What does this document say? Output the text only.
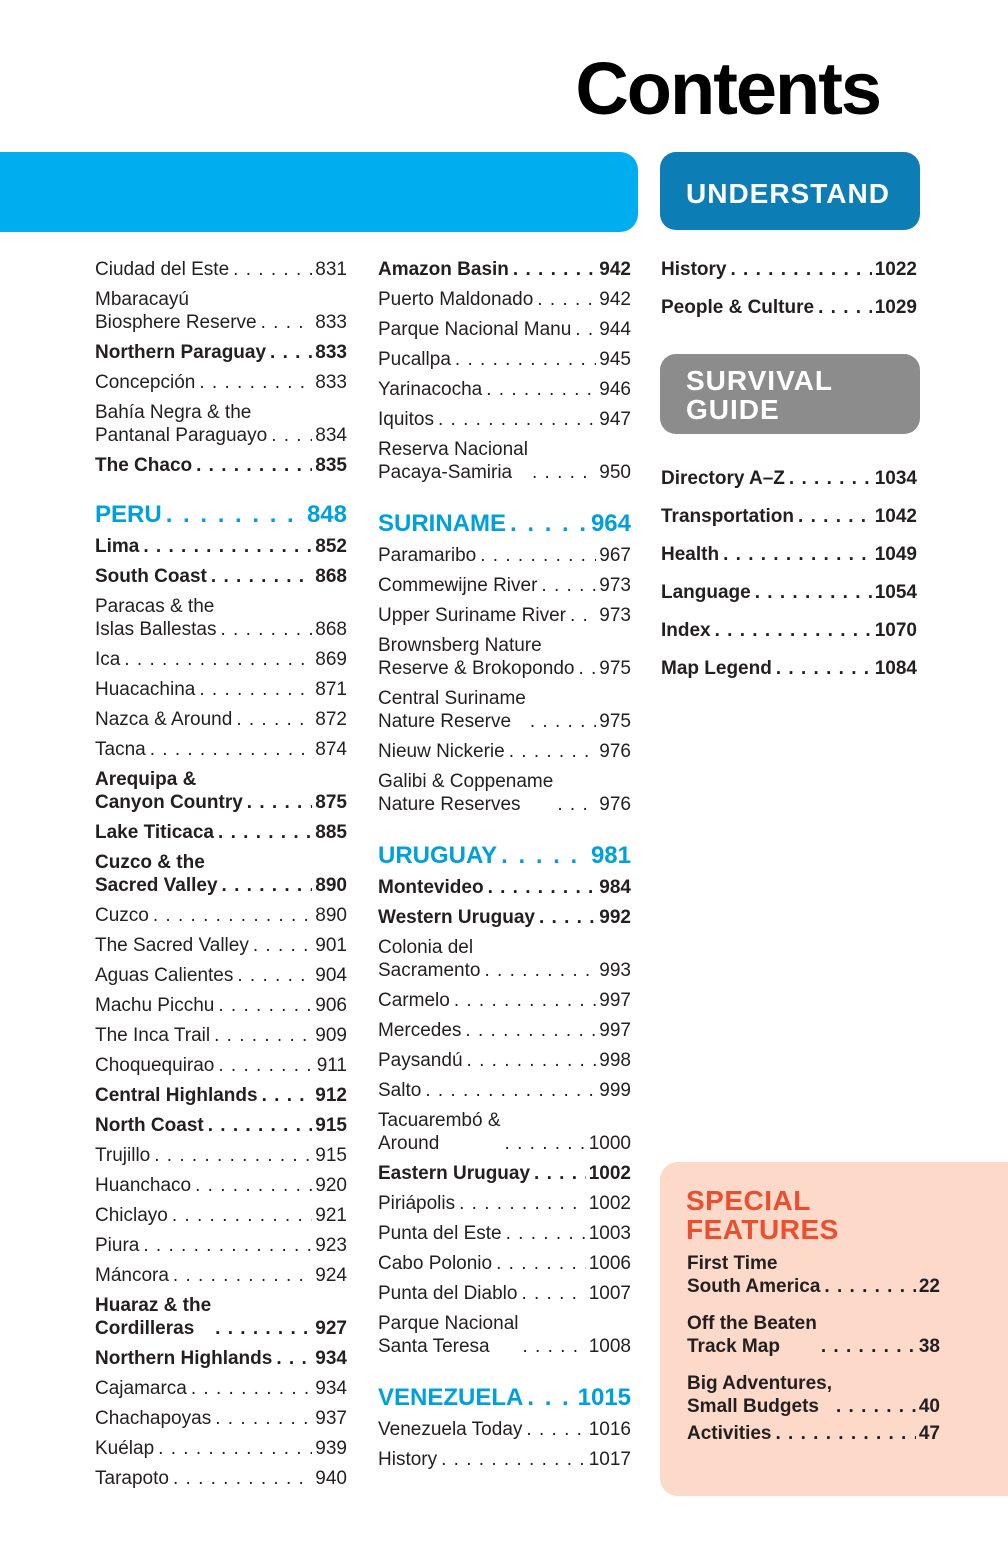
Contents
Ciudad del Este . . .	831
Mbaracayú
Biosphere Reserve . . .	833
Northern Paraguay . . .	833
Concepción . . .	833
Bahía Negra & the
Pantanal Paraguayo . . .	834
The Chaco . . .	835
PERU . . .	848
Lima . . .	852
South Coast . . .	868
Paracas & the
Islas Ballestas . . .	868
Ica . . .	869
Huacachina . . .	871
Nazca & Around . . .	872
Tacna . . .	874
Arequipa &
Canyon Country . . .	875
Lake Titicaca . . .	885
Cuzco & the
Sacred Valley . . .	890
Cuzco . . .	890
The Sacred Valley . . .	901
Aguas Calientes . . .	904
Machu Picchu . . .	906
The Inca Trail . . .	909
Choquequirao . . .	911
Central Highlands . . .	912
North Coast . . .	915
Trujillo . . .	915
Huanchaco . . .	920
Chiclayo . . .	921
Piura . . .	923
Máncora . . .	924
Huaraz & the
Cordilleras . . .	927
Northern Highlands . . . 934
Cajamarca . . .	934
Chachapoyas . . .	937
Kuélap . . .	939
Tarapoto . . .	940
Amazon Basin . . .	942
Puerto Maldonado . . .	942
Parque Nacional Manu . . . 944
Pucallpa . . .	945
Yarinacocha . . .	946
Iquitos . . .	947
Reserva Nacional
Pacaya-Samiria . . .	950
SURINAME . . .	964
Paramaribo . . .	967
Commewijne River . . .	973
Upper Suriname River . . . 973
Brownsberg Nature
Reserve & Brokopondo . . . 975
Central Suriname
Nature Reserve . . .	975
Nieuw Nickerie . . .	976
Galibi & Coppename
Nature Reserves . . .	976
URUGUAY . . .	981
Montevideo . . .	984
Western Uruguay . . .	992
Colonia del
Sacramento . . .	993
Carmelo . . .	997
Mercedes . . .	997
Paysandú . . .	998
Salto . . .	999
Tacuarembó &
Around . . .	1000
Eastern Uruguay . . .	1002
Piriápolis . . .	1002
Punta del Este . . .	1003
Cabo Polonio . . .	1006
Punta del Diablo . . .	1007
Parque Nacional
Santa Teresa . . .	1008
VENEZUELA . . . 1015
Venezuela Today . . .	1016
History . . .	1017
UNDERSTAND
History . . .	1022
People & Culture . . .	1029
SURVIVAL
GUIDE
Directory A–Z . . .	1034
Transportation . . .	1042
Health . . .	1049
Language . . .	1054
Index . . .	1070
Map Legend . . .	1084
SPECIAL
FEATURES
First Time
South America . . .	22
Off the Beaten
Track Map . . .	38
Big Adventures,
Small Budgets . . .	40
Activities . . .	47
